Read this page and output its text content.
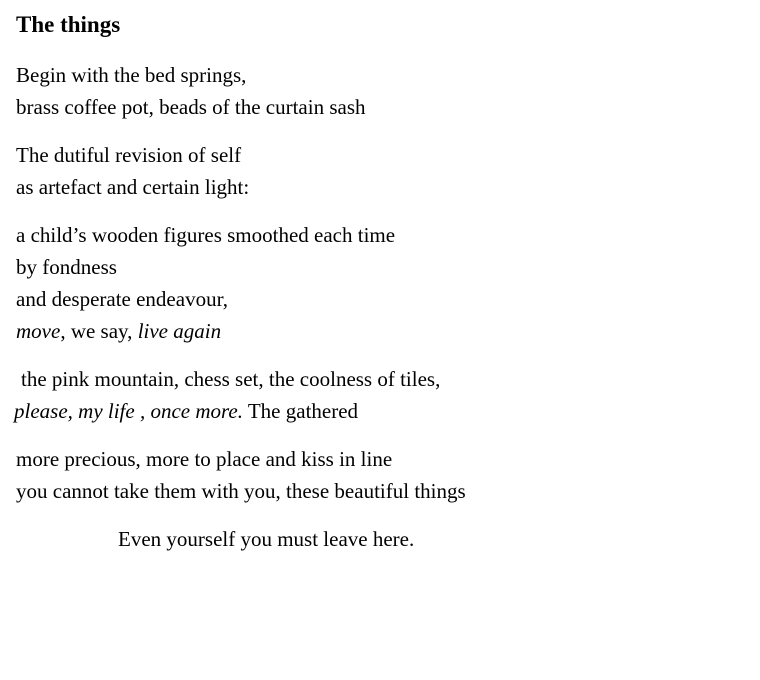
The things
Begin with the bed springs,
brass coffee pot, beads of the curtain sash
The dutiful revision of self
as artefact and certain light:
a child’s wooden figures smoothed each time
by fondness
and desperate endeavour,
move, we say, live again
the pink mountain, chess set, the coolness of tiles,
please, my life , once more. The gathered
more precious, more to place and kiss in line
you cannot take them with you, these beautiful things
Even yourself you must leave here.
